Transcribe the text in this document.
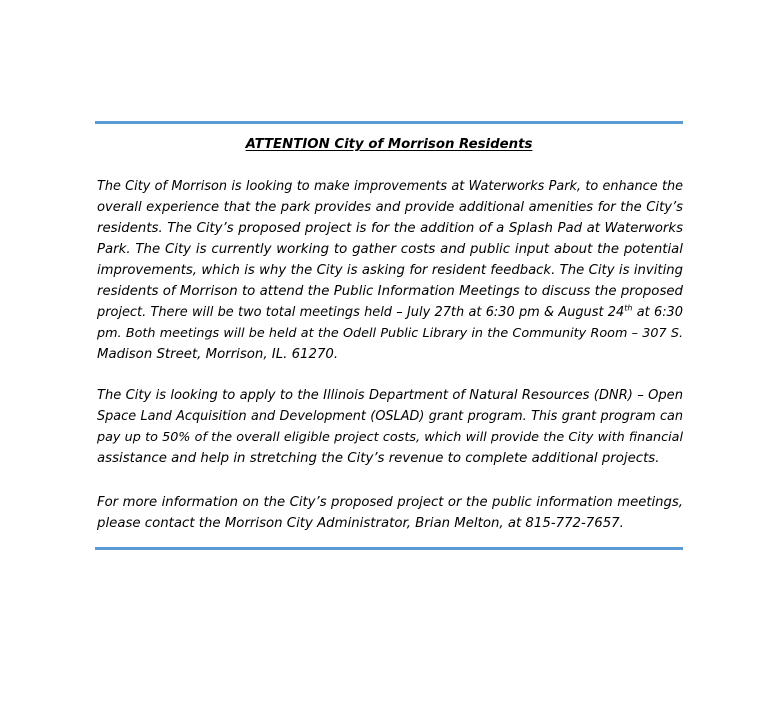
ATTENTION City of Morrison Residents
The City of Morrison is looking to make improvements at Waterworks Park, to enhance the
overall experience that the park provides and provide additional amenities for the City’s
residents. The City’s proposed project is for the addition of a Splash Pad at Waterworks
Park. The City is currently working to gather costs and public input about the potential
improvements, which is why the City is asking for resident feedback. The City is inviting
residents of Morrison to attend the Public Information Meetings to discuss the proposed
project. There will be two total meetings held – July 27th at 6:30 pm & August 24th at 6:30
pm. Both meetings will be held at the Odell Public Library in the Community Room – 307 S.
Madison Street, Morrison, IL. 61270.
The City is looking to apply to the Illinois Department of Natural Resources (DNR) – Open
Space Land Acquisition and Development (OSLAD) grant program. This grant program can
pay up to 50% of the overall eligible project costs, which will provide the City with financial
assistance and help in stretching the City’s revenue to complete additional projects.
For more information on the City’s proposed project or the public information meetings,
please contact the Morrison City Administrator, Brian Melton, at 815-772-7657.
